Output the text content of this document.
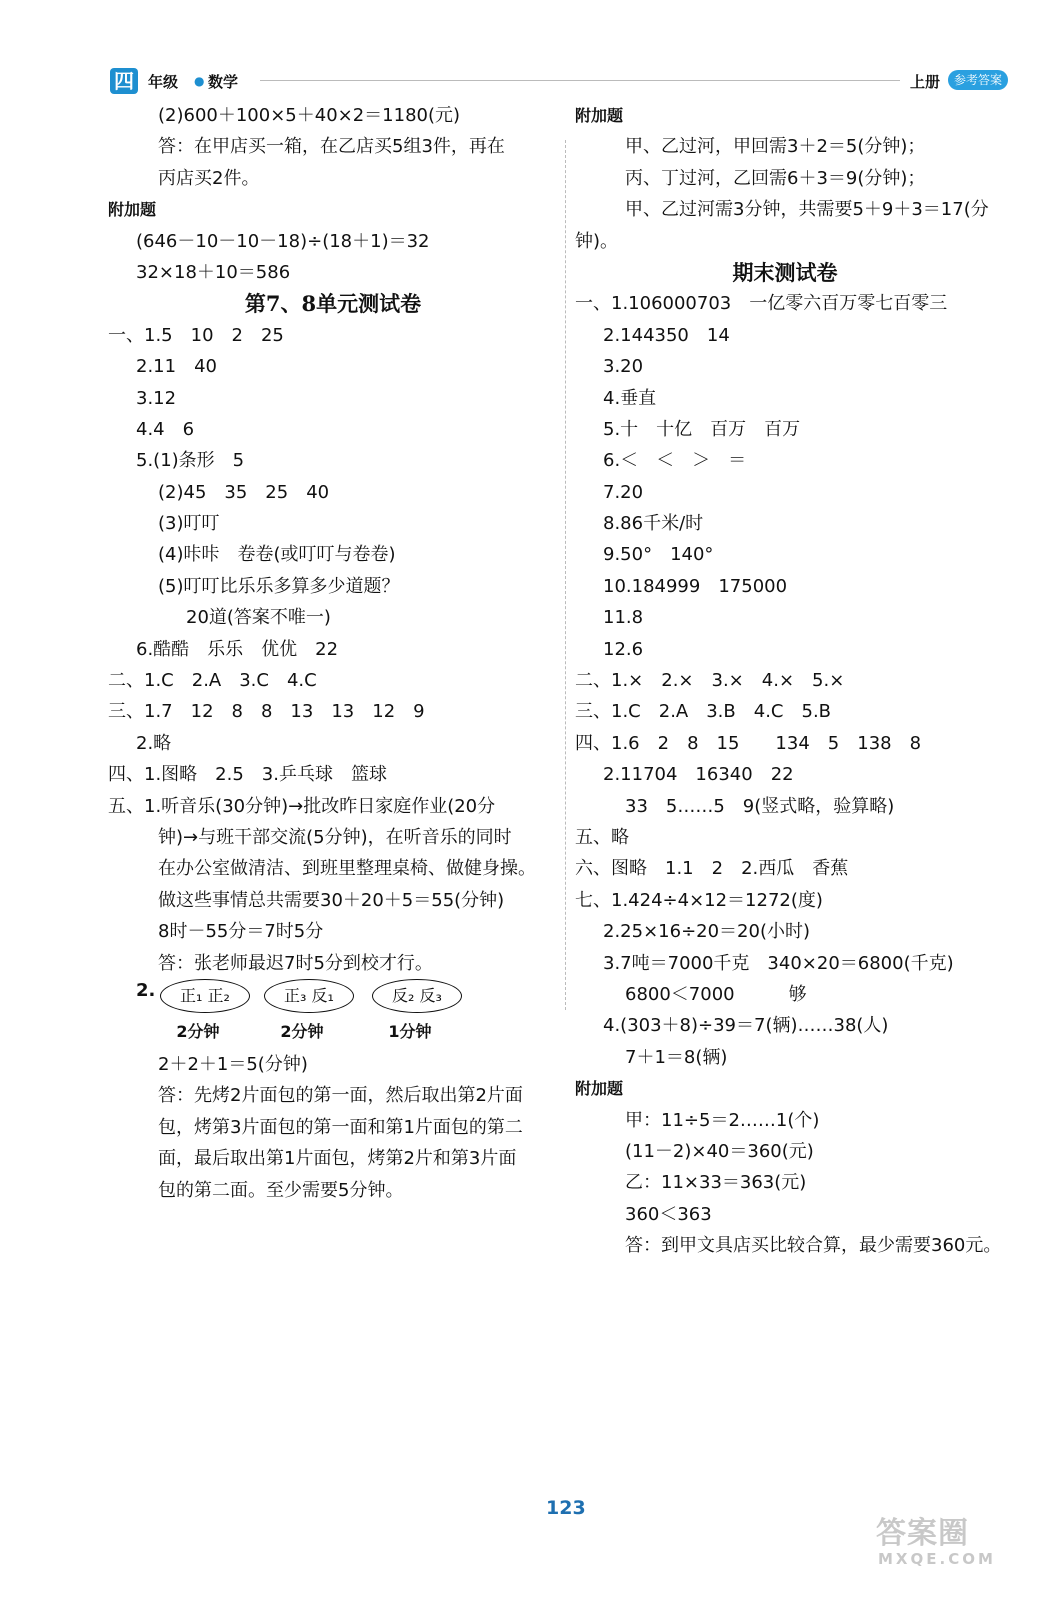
四 年级 ● 数学	上册	参考答案
(2)600＋100×5＋40×2＝1180(元)
答：在甲店买一箱，在乙店买5组3件，再在
丙店买2件。
附加题
(646－10－10－18)÷(18＋1)＝32
32×18＋10＝586
第7、8单元测试卷
一、1.5　10　2　25
2.11　40
3.12
4.4　6
5.(1)条形　5
(2)45　35　25　40
(3)叮叮
(4)咔咔　卷卷(或叮叮与卷卷)
(5)叮叮比乐乐多算多少道题？
20道(答案不唯一)
6.酷酷　乐乐　优优　22
二、1.C　2.A　3.C　4.C
三、1.7　12　8　8　13　13　12　9
2.略
四、1.图略　2.5　3.乒乓球　篮球
五、1.听音乐(30分钟)→批改昨日家庭作业(20分
钟)→与班干部交流(5分钟)，在听音乐的同时
在办公室做清洁、到班里整理桌椅、做健身操。
做这些事情总共需要30＋20＋5＝55(分钟)
8时－55分＝7时5分
答：张老师最迟7时5分到校才行。
2.	正₁ 正₂
2分钟
正₃ 反₁
2分钟
反₂ 反₃
1分钟
2＋2＋1＝5(分钟)
答：先烤2片面包的第一面，然后取出第2片面
包，烤第3片面包的第一面和第1片面包的第二
面，最后取出第1片面包，烤第2片和第3片面
包的第二面。至少需要5分钟。
附加题
甲、乙过河，甲回需3＋2＝5(分钟)；
丙、丁过河，乙回需6＋3＝9(分钟)；
甲、乙过河需3分钟，共需要5＋9＋3＝17(分
钟)。
期末测试卷
一、1.106000703　一亿零六百万零七百零三
2.144350　14
3.20
4.垂直
5.十　十亿　百万　百万
6.＜　＜　＞　＝
7.20
8.86千米/时
9.50°　140°
10.184999　175000
11.8
12.6
二、1.×　2.×　3.×　4.×　5.×
三、1.C　2.A　3.B　4.C　5.B
四、1.6　2　8　15　　134　5　138　8
2.11704　16340　22
33　5……5　9(竖式略，验算略)
五、略
六、图略　1.1　2　2.西瓜　香蕉
七、1.424÷4×12＝1272(度)
2.25×16÷20＝20(小时)
3.7吨＝7000千克　340×20＝6800(千克)
6800＜7000　　　够
4.(303＋8)÷39＝7(辆)……38(人)
7＋1＝8(辆)
附加题
甲：11÷5＝2……1(个)
(11－2)×40＝360(元)
乙：11×33＝363(元)
360＜363
答：到甲文具店买比较合算，最少需要360元。
123
答案圈
MXQE.COM
